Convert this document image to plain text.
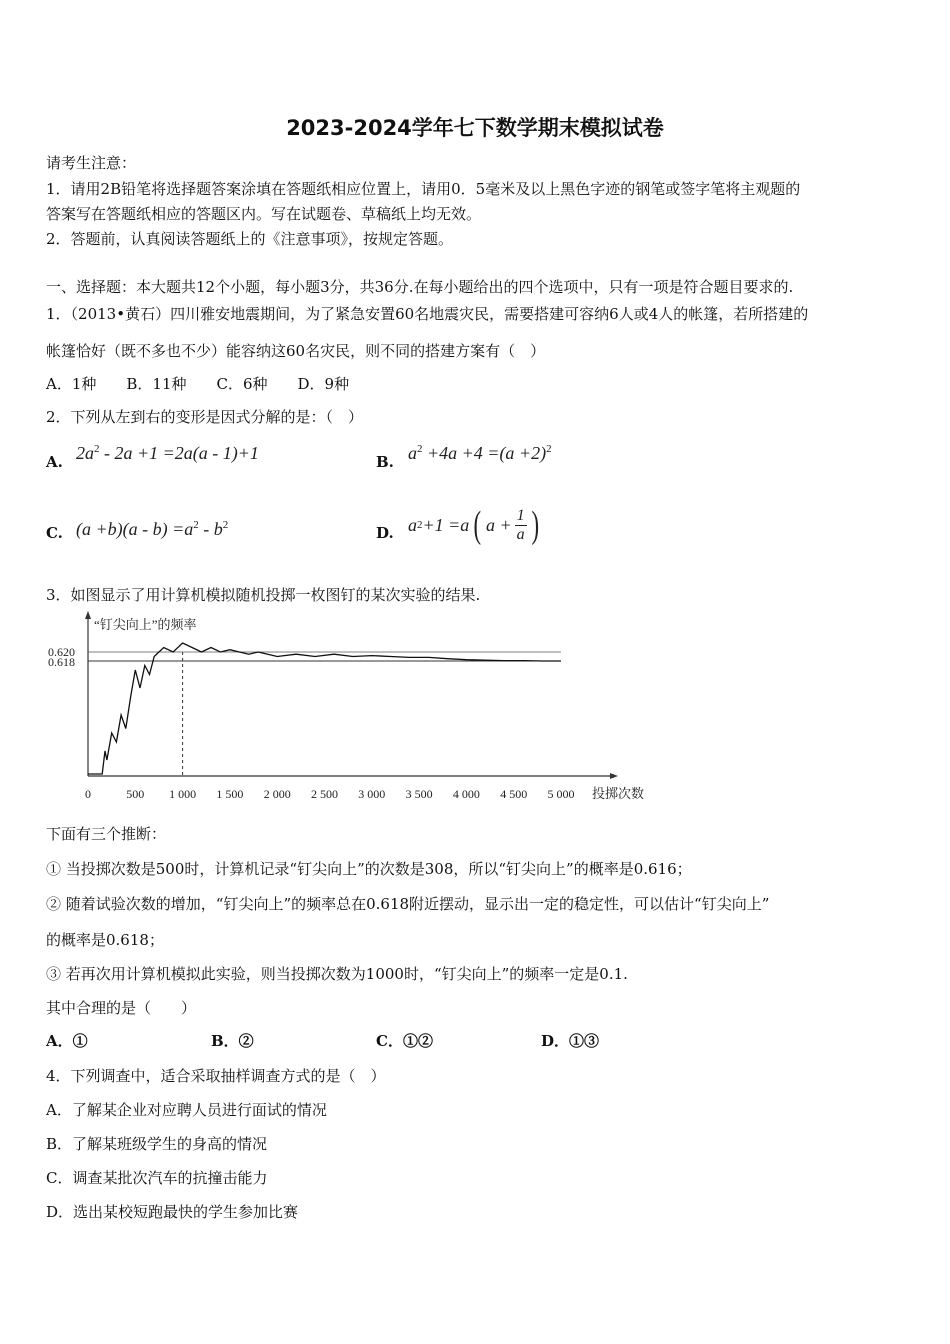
2023-2024学年七下数学期末模拟试卷
请考生注意：
1．请用2B铅笔将选择题答案涂填在答题纸相应位置上，请用0．5毫米及以上黑色字迹的钢笔或签字笔将主观题的
答案写在答题纸相应的答题区内。写在试题卷、草稿纸上均无效。
2．答题前，认真阅读答题纸上的《注意事项》，按规定答题。
一、选择题：本大题共12个小题，每小题3分，共36分.在每小题给出的四个选项中，只有一项是符合题目要求的.
1．（2013•黄石）四川雅安地震期间，为了紧急安置60名地震灾民，需要搭建可容纳6人或4人的帐篷，若所搭建的
帐篷恰好（既不多也不少）能容纳这60名灾民，则不同的搭建方案有（　）
A．1种　　B．11种　　C．6种　　D．9种
2．下列从左到右的变形是因式分解的是：（　）
A. $2a^2 - 2a +1 =2a(a - 1)+1$	B. $a^2 +4a +4 =(a +2)^2$
C. $(a +b)(a - b) =a^2 - b^2$	D. a 2 +1 =a ( $a + \frac{1}{a}$ )
3．如图显示了用计算机模拟随机投掷一枚图钉的某次实验的结果.
“钉尖向上”的频率
投掷次数
0.620
0.618
0	500 1 000 1 500 2 000 2 500 3 000 3 500 4 000 4 500 5 000
下面有三个推断：
① 当投掷次数是500时，计算机记录“钉尖向上”的次数是308，所以“钉尖向上”的概率是0.616；
② 随着试验次数的增加，“钉尖向上”的频率总在0.618附近摆动，显示出一定的稳定性，可以估计“钉尖向上”
的概率是0.618；
③ 若再次用计算机模拟此实验，则当投掷次数为1000时，“钉尖向上”的频率一定是0.1.
其中合理的是（　　）
A．①	B．②	C．①②	D．①③
4．下列调查中，适合采取抽样调查方式的是（　）
A．了解某企业对应聘人员进行面试的情况
B．了解某班级学生的身高的情况
C．调查某批次汽车的抗撞击能力
D．选出某校短跑最快的学生参加比赛
